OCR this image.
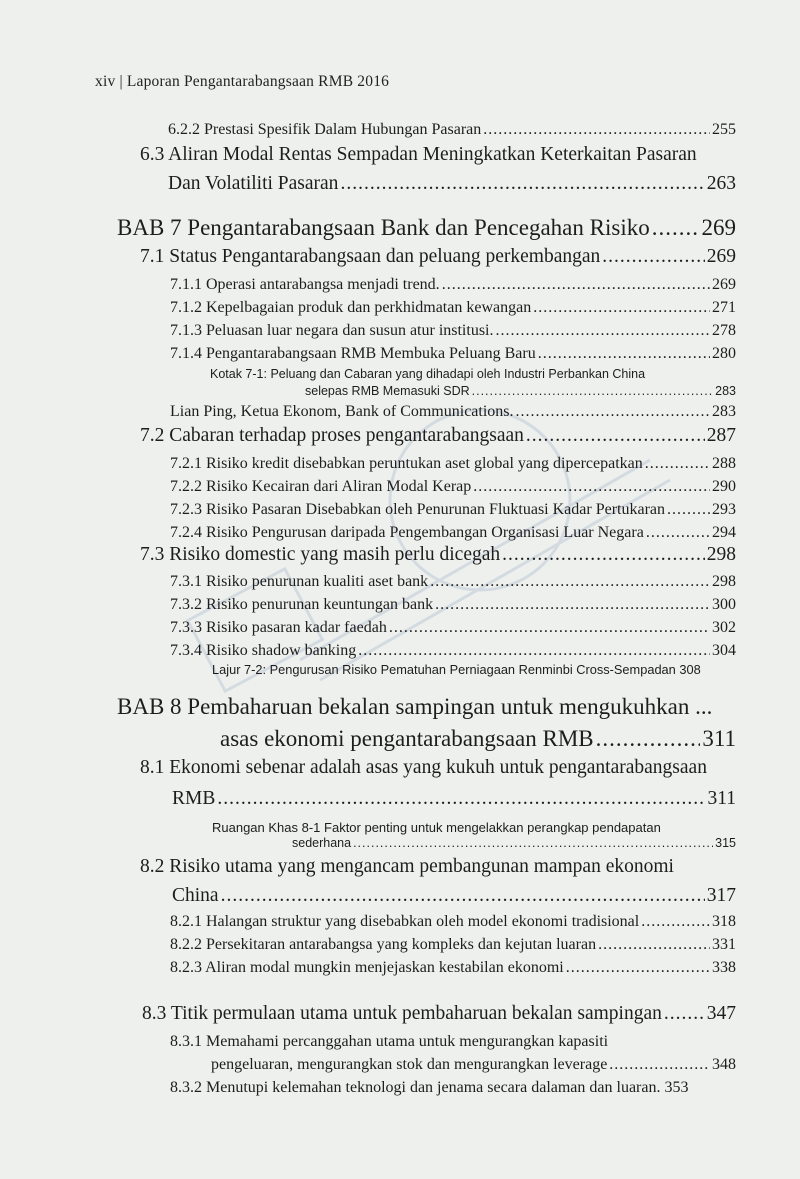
xiv | Laporan Pengantarabangsaan RMB 2016
6.2.2 Prestasi Spesifik Dalam Hubungan Pasaran .....	255
6.3 Aliran Modal Rentas Sempadan Meningkatkan Keterkaitan Pasaran
Dan Volatiliti Pasaran .....	263
BAB 7 Pengantarabangsaan Bank dan Pencegahan Risiko ..... 269
7.1 Status Pengantarabangsaan dan peluang perkembangan .....	269
7.1.1 Operasi antarabangsa menjadi trend. .....	269
7.1.2 Kepelbagaian produk dan perkhidmatan kewangan .....	271
7.1.3 Peluasan luar negara dan susun atur institusi. .....	278
7.1.4 Pengantarabangsaan RMB Membuka Peluang Baru .....	280
Kotak 7-1: Peluang dan Cabaran yang dihadapi oleh Industri Perbankan China
selepas RMB Memasuki SDR .....	283
Lian Ping, Ketua Ekonom, Bank of Communications. .....	283
7.2 Cabaran terhadap proses pengantarabangsaan .....	287
7.2.1 Risiko kredit disebabkan peruntukan aset global yang dipercepatkan .....	288
7.2.2 Risiko Kecairan dari Aliran Modal Kerap .....	290
7.2.3 Risiko Pasaran Disebabkan oleh Penurunan Fluktuasi Kadar Pertukaran .....	293
7.2.4 Risiko Pengurusan daripada Pengembangan Organisasi Luar Negara .....	294
7.3 Risiko domestic yang masih perlu dicegah .....	298
7.3.1 Risiko penurunan kualiti aset bank .....	298
7.3.2 Risiko penurunan keuntungan bank .....	300
7.3.3 Risiko pasaran kadar faedah .....	302
7.3.4 Risiko shadow banking .....	304
Lajur 7-2: Pengurusan Risiko Pematuhan Perniagaan Renminbi Cross-Sempadan 308
BAB 8 Pembaharuan bekalan sampingan untuk mengukuhkan ...
asas ekonomi pengantarabangsaan RMB .....	311
8.1 Ekonomi sebenar adalah asas yang kukuh untuk pengantarabangsaan
RMB .....	311
Ruangan Khas 8-1 Faktor penting untuk mengelakkan perangkap pendapatan
sederhana .....	315
8.2 Risiko utama yang mengancam pembangunan mampan ekonomi
China .....	317
8.2.1 Halangan struktur yang disebabkan oleh model ekonomi tradisional .....	318
8.2.2 Persekitaran antarabangsa yang kompleks dan kejutan luaran .....	331
8.2.3 Aliran modal mungkin menjejaskan kestabilan ekonomi .....	338
8.3 Titik permulaan utama untuk pembaharuan bekalan sampingan ..... 347
8.3.1 Memahami percanggahan utama untuk mengurangkan kapasiti
pengeluaran, mengurangkan stok dan mengurangkan leverage .....	348
8.3.2 Menutupi kelemahan teknologi dan jenama secara dalaman dan luaran. 353
